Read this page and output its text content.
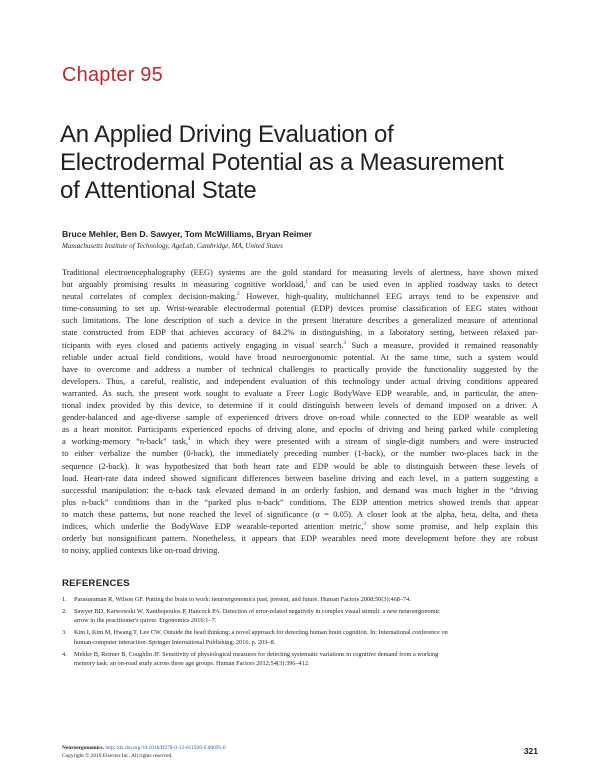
Chapter 95
An Applied Driving Evaluation of
Electrodermal Potential as a Measurement
of Attentional State
Bruce Mehler, Ben D. Sawyer, Tom McWilliams, Bryan Reimer
Massachusetts Institute of Technology, AgeLab, Cambridge, MA, United States
Traditional electroencephalography (EEG) systems are the gold standard for measuring levels of alertness, have shown mixed
but arguably promising results in measuring cognitive workload,$^1$ and can be used even in applied roadway tasks to detect
neural correlates of complex decision-making.$^2$ However, high-quality, multichannel EEG arrays tend to be expensive and
time-consuming to set up. Wrist-wearable electrodermal potential (EDP) devices promise classification of EEG states without
such limitations. The lone description of such a device in the present literature describes a generalized measure of attentional
state constructed from EDP that achieves accuracy of 84.2% in distinguishing, in a laboratory setting, between relaxed par-
ticipants with eyes closed and patients actively engaging in visual search.$^3$ Such a measure, provided it remained reasonably
reliable under actual field conditions, would have broad neuroergonomic potential. At the same time, such a system would
have to overcome and address a number of technical challenges to practically provide the functionality suggested by the
developers. Thus, a careful, realistic, and independent evaluation of this technology under actual driving conditions appeared
warranted. As such, the present work sought to evaluate a Freer Logic BodyWave EDP wearable, and, in particular, the atten-
tional index provided by this device, to determine if it could distinguish between levels of demand imposed on a driver. A
gender-balanced and age-diverse sample of experienced drivers drove on-road while connected to the EDP wearable as well
as a heart monitor. Participants experienced epochs of driving alone, and epochs of driving and being parked while completing
a working-memory “n-back” task,$^4$ in which they were presented with a stream of single-digit numbers and were instructed
to either verbalize the number (0-back), the immediately preceding number (1-back), or the number two-places back in the
sequence (2-back). It was hypothesized that both heart rate and EDP would be able to distinguish between these levels of
load. Heart-rate data indeed showed significant differences between baseline driving and each level, in a pattern suggesting a
successful manipulation: the n-back task elevated demand in an orderly fashion, and demand was much higher in the “driving
plus n-back” conditions than in the “parked plus n-back” conditions. The EDP attention metrics showed trends that appear
to match these patterns, but none reached the level of significance (α = 0.05). A closer look at the alpha, beta, delta, and theta
indices, which underlie the BodyWave EDP wearable-reported attention metric,$^3$ show some promise, and help explain this
orderly but nonsignificant pattern. Nonetheless, it appears that EDP wearables need more development before they are robust
to noisy, applied contexts like on-road driving.
REFERENCES
1. Parasuraman R, Wilson GF. Putting the brain to work: neuroergonomics past, present, and future. Human Factors 2008;50(3):468–74.
2. Sawyer BD, Karwowski W, Xanthopoulos P, Hancock PA. Detection of error-related negativity in complex visual stimuli: a new neuroergonomic
arrow in the practitioner's quiver. Ergonomics 2016:1–7.
3. Kim I, Kim M, Hwang T, Lee CW. Outside the head thinking: a novel approach for detecting human brain cognition. In: International conference on
human-computer interaction. Springer International Publishing; 2016. p. 203–8.
4. Mehler B, Reimer B, Coughlin JF. Sensitivity of physiological measures for detecting systematic variations in cognitive demand from a working
memory task: an on-road study across three age groups. Human Factors 2012;54(3):396–412.
Neuroergonomics. http://dx.doi.org/10.1016/B978-0-12-811926-6.00095-6
Copyright © 2019 Elsevier Inc. All rights reserved.	321
